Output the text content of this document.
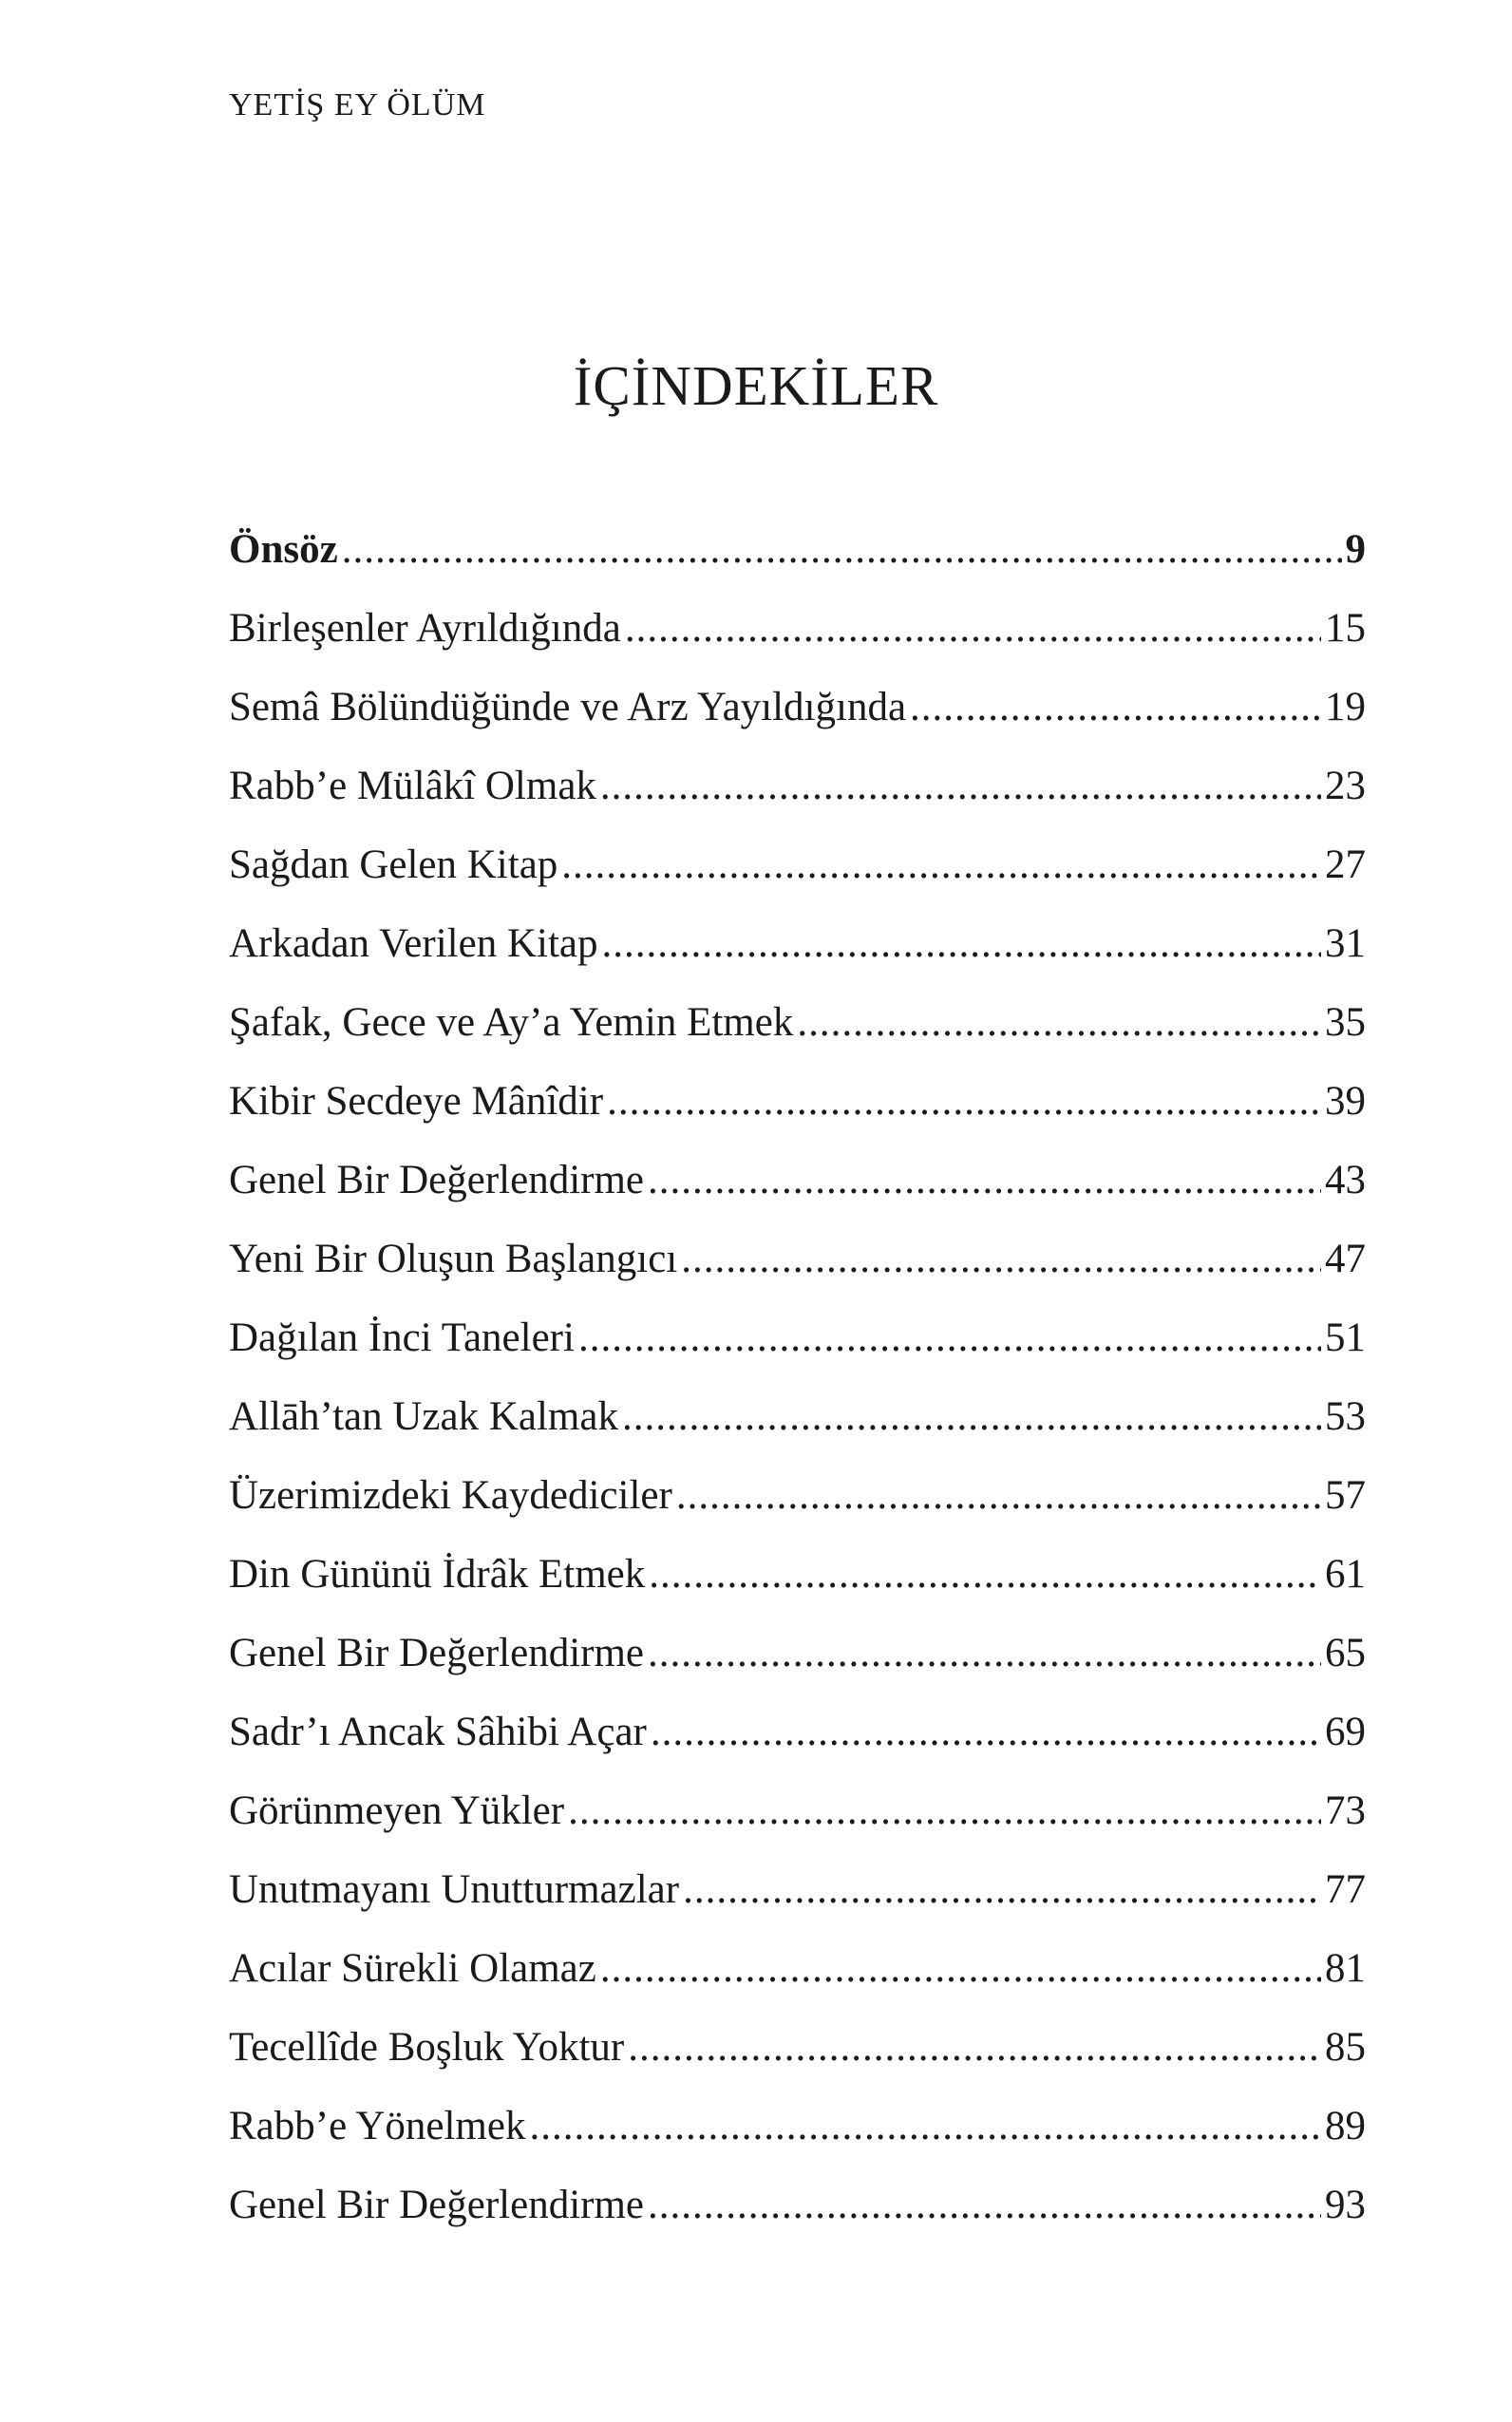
YETİŞ EY ÖLÜM
İÇİNDEKİLER
Önsöz .....	9
Birleşenler Ayrıldığında .....	15
Semâ Bölündüğünde ve Arz Yayıldığında .....	19
Rabb’e Mülâkî Olmak .....	23
Sağdan Gelen Kitap .....	27
Arkadan Verilen Kitap .....	31
Şafak, Gece ve Ay’a Yemin Etmek .....	35
Kibir Secdeye Mânîdir .....	39
Genel Bir Değerlendirme .....	43
Yeni Bir Oluşun Başlangıcı .....	47
Dağılan İnci Taneleri .....	51
Allāh’tan Uzak Kalmak .....	53
Üzerimizdeki Kaydediciler .....	57
Din Gününü İdrâk Etmek .....	61
Genel Bir Değerlendirme .....	65
Sadr’ı Ancak Sâhibi Açar .....	69
Görünmeyen Yükler .....	73
Unutmayanı Unutturmazlar .....	77
Acılar Sürekli Olamaz .....	81
Tecellîde Boşluk Yoktur .....	85
Rabb’e Yönelmek .....	89
Genel Bir Değerlendirme .....	93
